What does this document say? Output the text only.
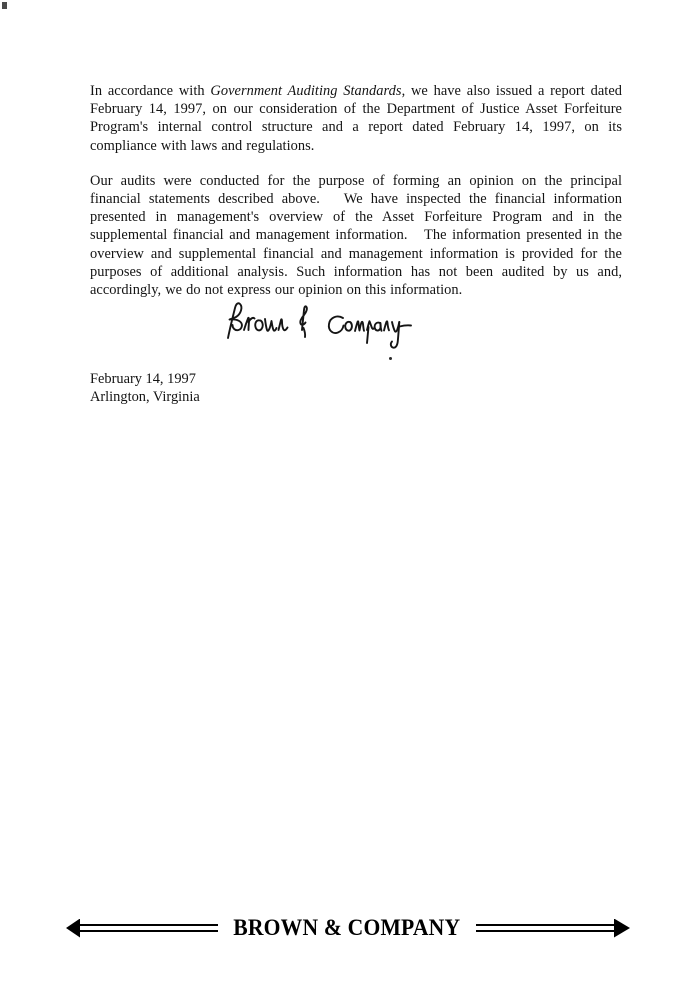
In accordance with Government Auditing Standards, we have also issued a report dated February 14, 1997, on our consideration of the Department of Justice Asset Forfeiture Program's internal control structure and a report dated February 14, 1997, on its compliance with laws and regulations.

Our audits were conducted for the purpose of forming an opinion on the principal financial statements described above. We have inspected the financial information presented in management's overview of the Asset Forfeiture Program and in the supplemental financial and management information. The information presented in the overview and supplemental financial and management information is provided for the purposes of additional analysis. Such information has not been audited by us and, accordingly, we do not express our opinion on this information.

February 14, 1997
Arlington, Virginia
BROWN & COMPANY
